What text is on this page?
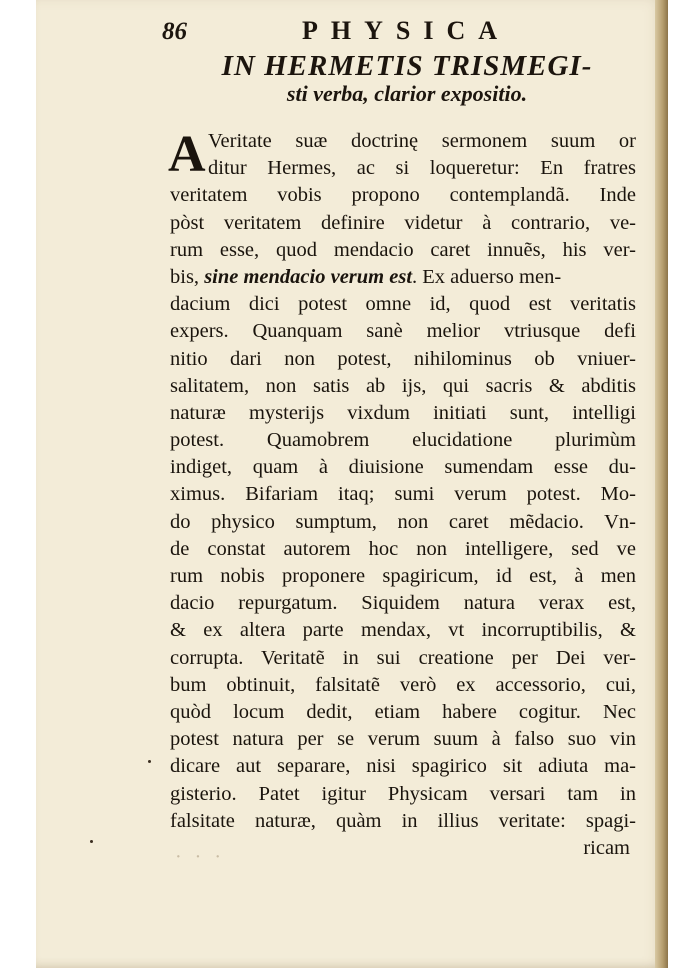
86	PHYSICA
IN HERMETIS TRISMEGI-
sti verba, clarior expositio.
A Veritate suæ doctrinę sermonem suum or
ditur Hermes, ac si loqueretur: En fratres
veritatem vobis propono contemplandã. Inde
pòst veritatem definire videtur à contrario, ve-
rum esse, quod mendacio caret innuẽs, his ver-
bis, sine mendacio verum est. Ex aduerso men-
dacium dici potest omne id, quod est veritatis
expers. Quanquam sanè melior vtriusque defi
nitio dari non potest, nihilominus ob vniuer-
salitatem, non satis ab ijs, qui sacris & abditis
naturæ mysterijs vixdum initiati sunt, intelligi
potest. Quamobrem elucidatione plurimùm
indiget, quam à diuisione sumendam esse du-
ximus. Bifariam itaq; sumi verum potest. Mo-
do physico sumptum, non caret mẽdacio. Vn-
de constat autorem hoc non intelligere, sed ve
rum nobis proponere spagiricum, id est, à men
dacio repurgatum. Siquidem natura verax est,
& ex altera parte mendax, vt incorruptibilis, &
corrupta. Veritatẽ in sui creatione per Dei ver-
bum obtinuit, falsitatẽ verò ex accessorio, cui,
quòd locum dedit, etiam habere cogitur. Nec
potest natura per se verum suum à falso suo vin
dicare aut separare, nisi spagirico sit adiuta ma-
gisterio. Patet igitur Physicam versari tam in
falsitate naturæ, quàm in illius veritate: spagi-
ricam
· · ·
